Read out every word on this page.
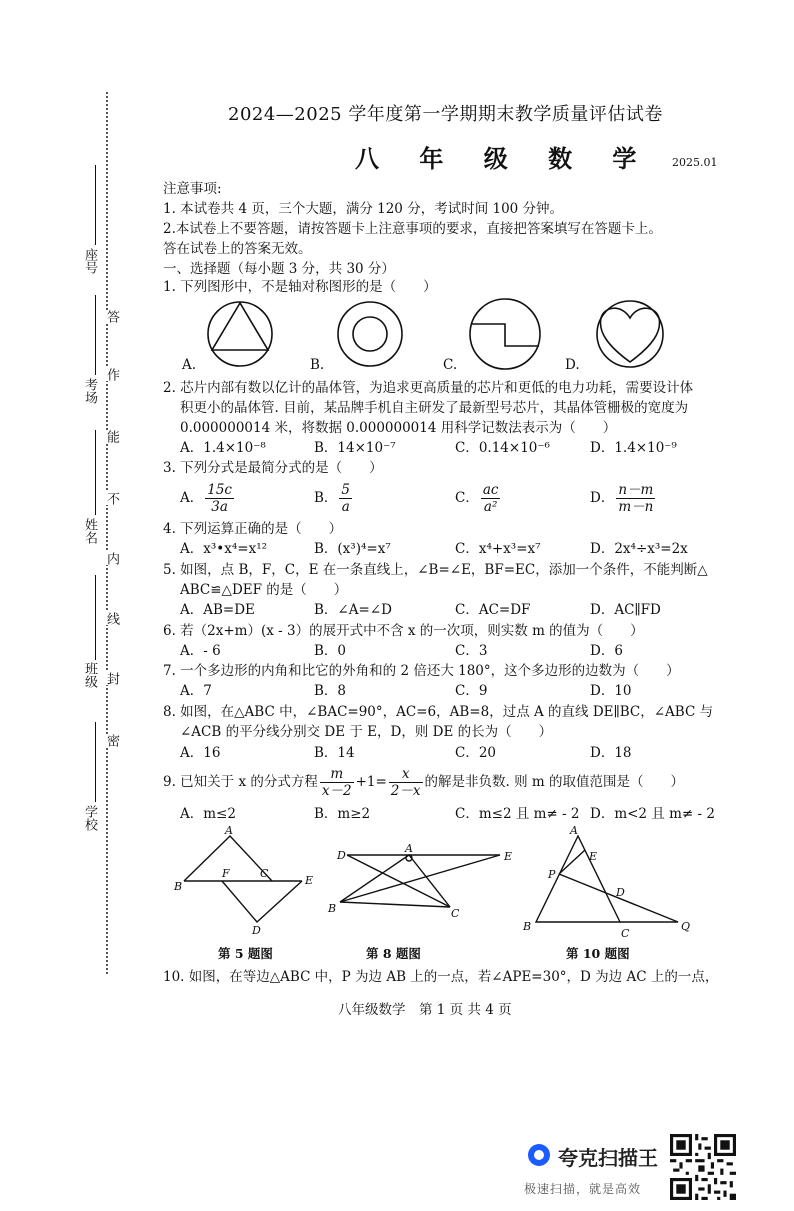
答
作
能
不
内
线
封
密
座号
考场
姓名
班级
学校
2024—2025 学年度第一学期期末教学质量评估试卷
八 年 级 数 学 2025.01
注意事项:
1. 本试卷共 4 页，三个大题，满分 120 分，考试时间 100 分钟。
2.本试卷上不要答题，请按答题卡上注意事项的要求，直接把答案填写在答题卡上。
答在试卷上的答案无效。
一、选择题（每小题 3 分，共 30 分）
1. 下列图形中，不是轴对称图形的是（　　）
A.	B.	C.	D.
2. 芯片内部有数以亿计的晶体管，为追求更高质量的芯片和更低的电力功耗，需要设计体
积更小的晶体管. 目前，某品牌手机自主研发了最新型号芯片，其晶体管栅极的宽度为
0.000000014 米，将数据 0.000000014 用科学记数法表示为（　　）
A．1.4×10⁻⁸	B．14×10⁻⁷	C．0.14×10⁻⁶	D．1.4×10⁻⁹
3. 下列分式是最简分式的是（　　）
A． $\frac{15c}{3a}$	B． $\frac{5}{a}$	C． $\frac{ac}{\text{a²}}$	D． $\frac{n-m}{m-n}$
4. 下列运算正确的是（　　）
A．x³•x⁴=x¹²	B．(x³)⁴=x⁷	C．x⁴+x³=x⁷	D．2x⁴÷x³=2x
5. 如图，点 B，F，C，E 在一条直线上，∠B=∠E，BF=EC，添加一个条件，不能判断△
ABC≌△DEF 的是（　　）
A．AB=DE	B．∠A=∠D	C．AC=DF	D．AC∥FD
6. 若（2x+m）(x - 3）的展开式中不含 x 的一次项，则实数 m 的值为（　　）
A．- 6	B．0	C．3	D．6
7. 一个多边形的内角和比它的外角和的 2 倍还大 180°，这个多边形的边数为（　　）
A．7	B．8	C．9	D．10
8. 如图，在△ABC 中，∠BAC=90°，AC=6，AB=8，过点 A 的直线 DE∥BC，∠ABC 与
∠ACB 的平分线分别交 DE 于 E，D，则 DE 的长为（　　）
A．16	B．14	C．20	D．18
9. 已知关于 x 的分式方程 $\frac{m}{x-2} +1= \frac{x}{2-x}$ 的解是非负数. 则 m 的取值范围是（　　）
A．m≤2	B．m≥2	C．m≤2 且 m≠ - 2 D．m<2 且 m≠ - 2
A
B
F	C
E
D
第 5 题图
D
A
E
B	C
第 8 题图
A
E
P
D
B
C
Q
第 10 题图
10. 如图，在等边△ABC 中，P 为边 AB 上的一点，若∠APE=30°，D 为边 AC 上的一点，
八年级数学　第 1 页 共 4 页
夸克扫描王
极速扫描，就是高效
